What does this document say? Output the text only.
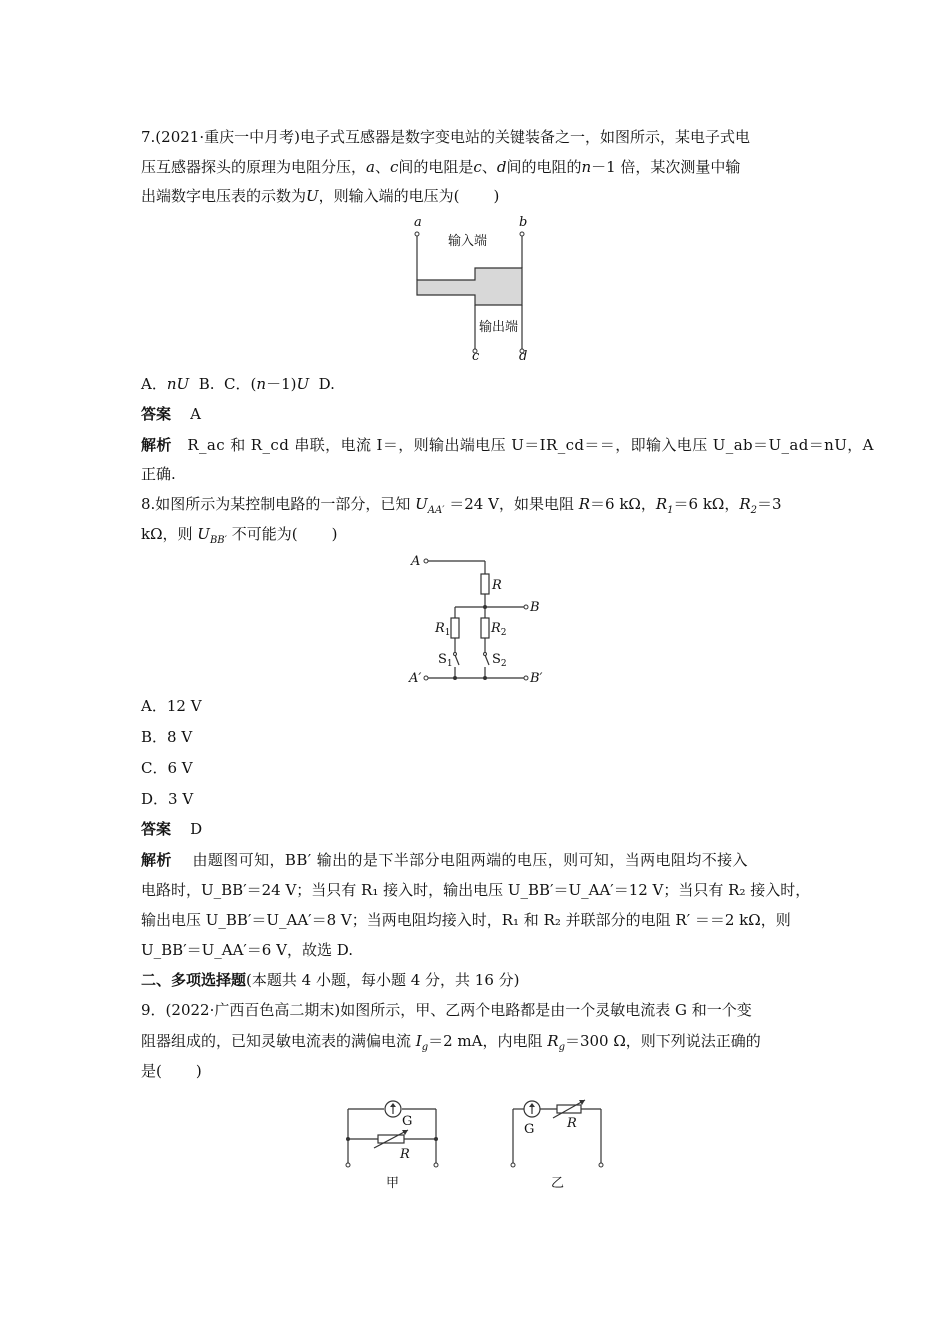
7.(2021·重庆一中月考)电子式互感器是数字变电站的关键装备之一，如图所示，某电子式电
压互感器探头的原理为电阻分压，a、c间的电阻是c、d间的电阻的n－1 倍，某次测量中输
出端数字电压表的示数为U，则输入端的电压为( )
a	b
输入端
输出端
c	d
A．nU B. C．(n－1)U D.
答案 A
解析 R_ac 和 R_cd 串联，电流 I＝，则输出端电压 U＝IR_cd＝＝，即输入电压 U_ab＝U_ad＝nU，A
正确.
8.如图所示为某控制电路的一部分，已知 $U_{AA'} =24$ V，如果电阻 R＝6 kΩ，$R_1=6$ kΩ，$R_2=3$
kΩ，则 $U_{BB'}$ 不可能为( )
A
R
B
$R_1$	$R_2$
$S_1$	$S_2$
A′	B′
A．12 V
B．8 V
C．6 V
D．3 V
答案 D
解析 由题图可知，BB′ 输出的是下半部分电阻两端的电压，则可知，当两电阻均不接入
电路时，U_BB′＝24 V；当只有 R₁ 接入时，输出电压 U_BB′＝U_AA′＝12 V；当只有 R₂ 接入时，
输出电压 U_BB′＝U_AA′＝8 V；当两电阻均接入时，R₁ 和 R₂ 并联部分的电阻 R′ ＝＝2 kΩ，则
U_BB′＝U_AA′＝6 V，故选 D.
二、多项选择题(本题共 4 小题，每小题 4 分，共 16 分)
9．(2022·广西百色高二期末)如图所示，甲、乙两个电路都是由一个灵敏电流表 G 和一个变
阻器组成的，已知灵敏电流表的满偏电流 $I_g=2$ mA，内电阻 $R_g=300$ Ω，则下列说法正确的
是( )
G
R
甲
G	R
乙
